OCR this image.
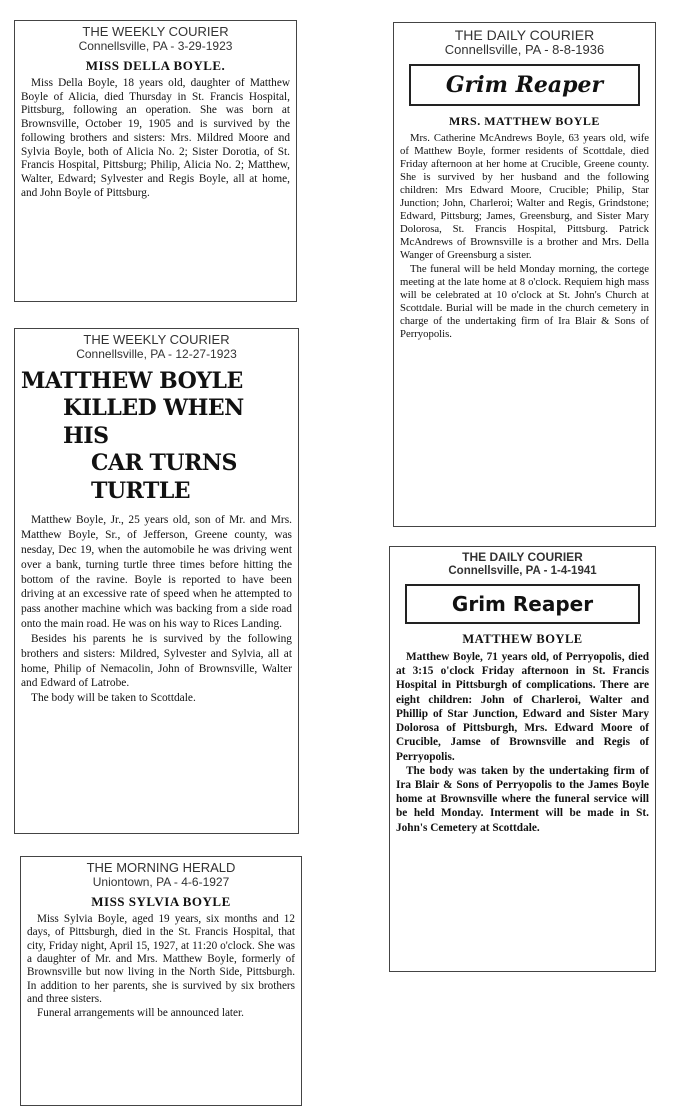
THE WEEKLY COURIER
Connellsville, PA - 3-29-1923
MISS DELLA BOYLE.

Miss Della Boyle, 18 years old, daughter of Matthew Boyle of Alicia, died Thursday in St. Francis Hospital, Pittsburg, following an operation. She was born at Brownsville, October 19, 1905 and is survived by the following brothers and sisters: Mrs. Mildred Moore and Sylvia Boyle, both of Alicia No. 2; Sister Dorotia, of St. Francis Hospital, Pittsburg; Philip, Alicia No. 2; Matthew, Walter, Edward; Sylvester and Regis Boyle, all at home, and John Boyle of Pittsburg.

THE WEEKLY COURIER
Connellsville, PA - 12-27-1923
MATTHEW BOYLE
KILLED WHEN HIS
CAR TURNS TURTLE

Matthew Boyle, Jr., 25 years old, son of Mr. and Mrs. Matthew Boyle, Sr., of Jefferson, Greene county, was nesday, Dec 19, when the automobile he was driving went over a bank, turning turtle three times before hitting the bottom of the ravine. Boyle is reported to have been driving at an excessive rate of speed when he attempted to pass another machine which was backing from a side road onto the main road. He was on his way to Rices Landing.

Besides his parents he is survived by the following brothers and sisters: Mildred, Sylvester and Sylvia, all at home, Philip of Nemacolin, John of Brownsville, Walter and Edward of Latrobe.

The body will be taken to Scottdale.

THE MORNING HERALD
Uniontown, PA - 4-6-1927
MISS SYLVIA BOYLE

Miss Sylvia Boyle, aged 19 years, six months and 12 days, of Pittsburgh, died in the St. Francis Hospital, that city, Friday night, April 15, 1927, at 11:20 o'clock. She was a daughter of Mr. and Mrs. Matthew Boyle, formerly of Brownsville but now living in the North Side, Pittsburgh. In addition to her parents, she is survived by six brothers and three sisters.

Funeral arrangements will be announced later.

THE DAILY COURIER
Connellsville, PA - 8-8-1936
Grim Reaper
MRS. MATTHEW BOYLE

Mrs. Catherine McAndrews Boyle, 63 years old, wife of Matthew Boyle, former residents of Scottdale, died Friday afternoon at her home at Crucible, Greene county. She is survived by her husband and the following children: Mrs Edward Moore, Crucible; Philip, Star Junction; John, Charleroi; Walter and Regis, Grindstone; Edward, Pittsburg; James, Greensburg, and Sister Mary Dolorosa, St. Francis Hospital, Pittsburg. Patrick McAndrews of Brownsville is a brother and Mrs. Della Wanger of Greensburg a sister.

The funeral will be held Monday morning, the cortege meeting at the late home at 8 o'clock. Requiem high mass will be celebrated at 10 o'clock at St. John's Church at Scottdale. Burial will be made in the church cemetery in charge of the undertaking firm of Ira Blair & Sons of Perryopolis.

THE DAILY COURIER
Connellsville, PA - 1-4-1941
Grim Reaper
MATTHEW BOYLE

Matthew Boyle, 71 years old, of Perryopolis, died at 3:15 o'clock Friday afternoon in St. Francis Hospital in Pittsburgh of complications. There are eight children: John of Charleroi, Walter and Phillip of Star Junction, Edward and Sister Mary Dolorosa of Pittsburgh, Mrs. Edward Moore of Crucible, Jamse of Brownsville and Regis of Perryopolis.

The body was taken by the undertaking firm of Ira Blair & Sons of Perryopolis to the James Boyle home at Brownsville where the funeral service will be held Monday. Interment will be made in St. John's Cemetery at Scottdale.
